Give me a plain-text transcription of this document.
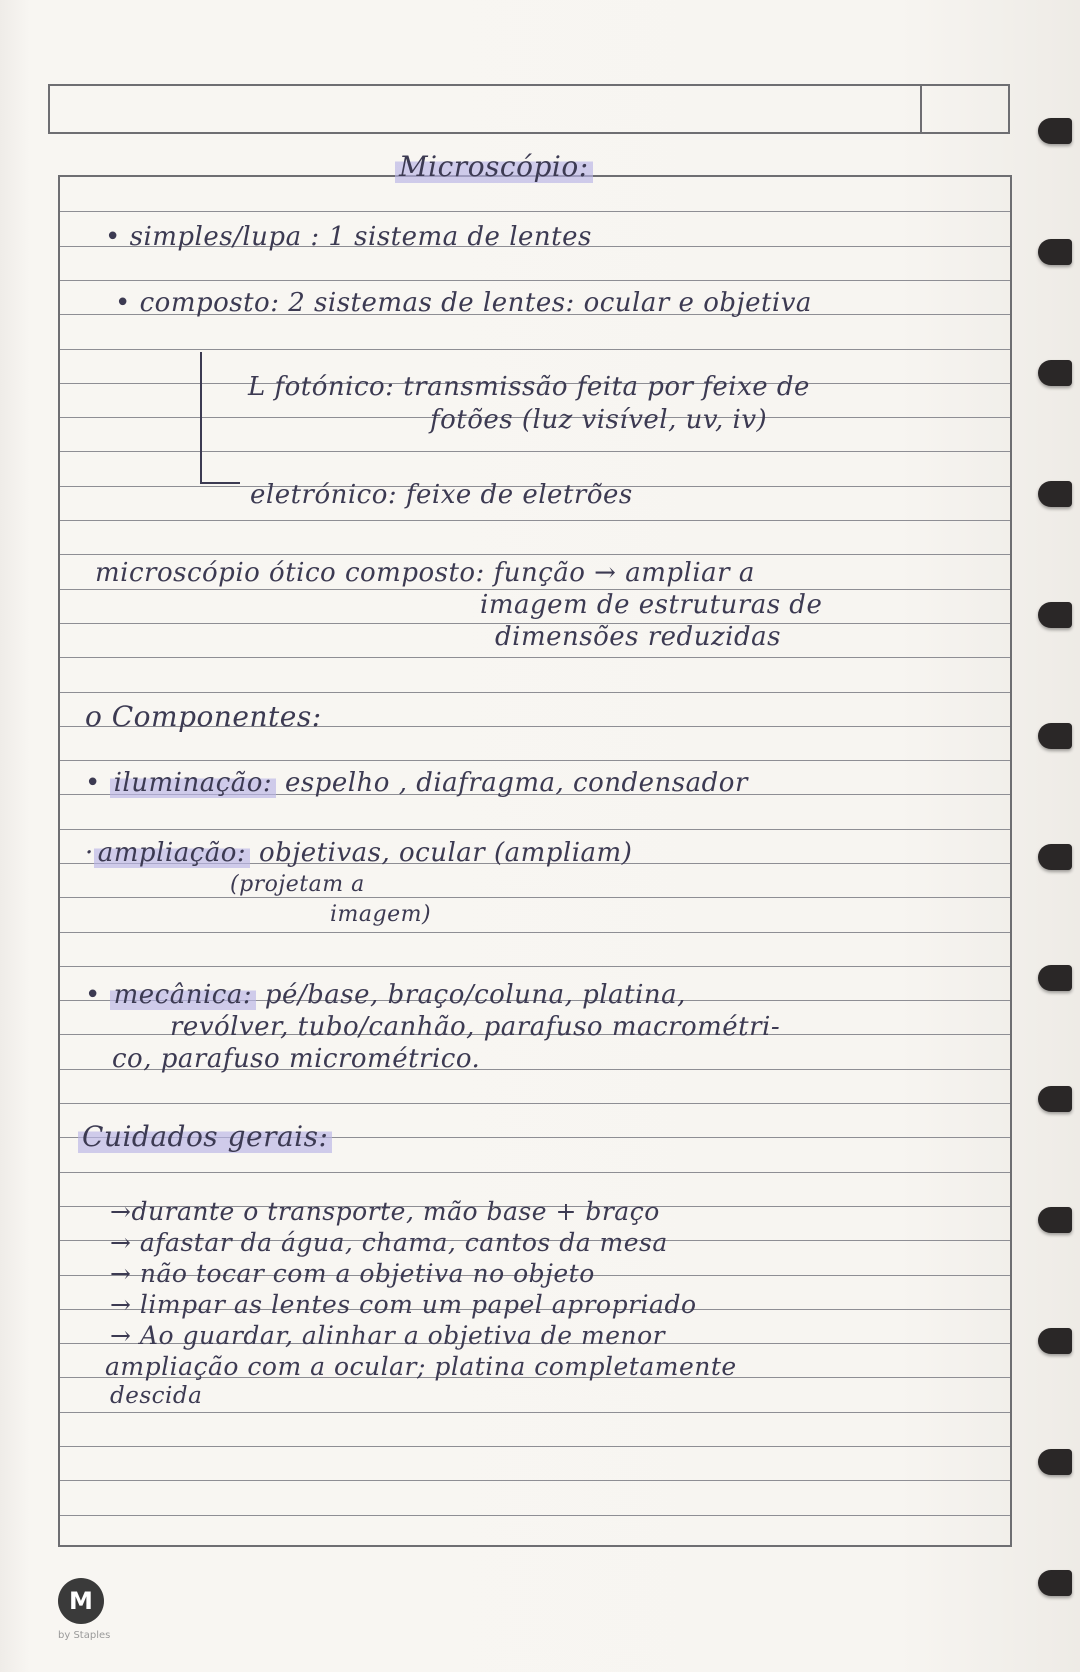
Microscópio:
• simples/lupa : 1 sistema de lentes
• composto: 2 sistemas de lentes: ocular e objetiva
L fotónico: transmissão feita por feixe de
fotões (luz visível, uv, iv)
eletrónico: feixe de eletrões
microscópio ótico composto: função → ampliar a
imagem de estruturas de
dimensões reduzidas
o Componentes:
• iluminação: espelho , diafragma, condensador
· ampliação: objetivas, ocular (ampliam)
(projetam a
imagem)
• mecânica: pé/base, braço/coluna, platina,
revólver, tubo/canhão, parafuso macrométri-
co, parafuso micrométrico.
Cuidados gerais:
→durante o transporte, mão base + braço
→ afastar da água, chama, cantos da mesa
→ não tocar com a objetiva no objeto
→ limpar as lentes com um papel apropriado
→ Ao guardar, alinhar a objetiva de menor
ampliação com a ocular; platina completamente
descida
M
by Staples
